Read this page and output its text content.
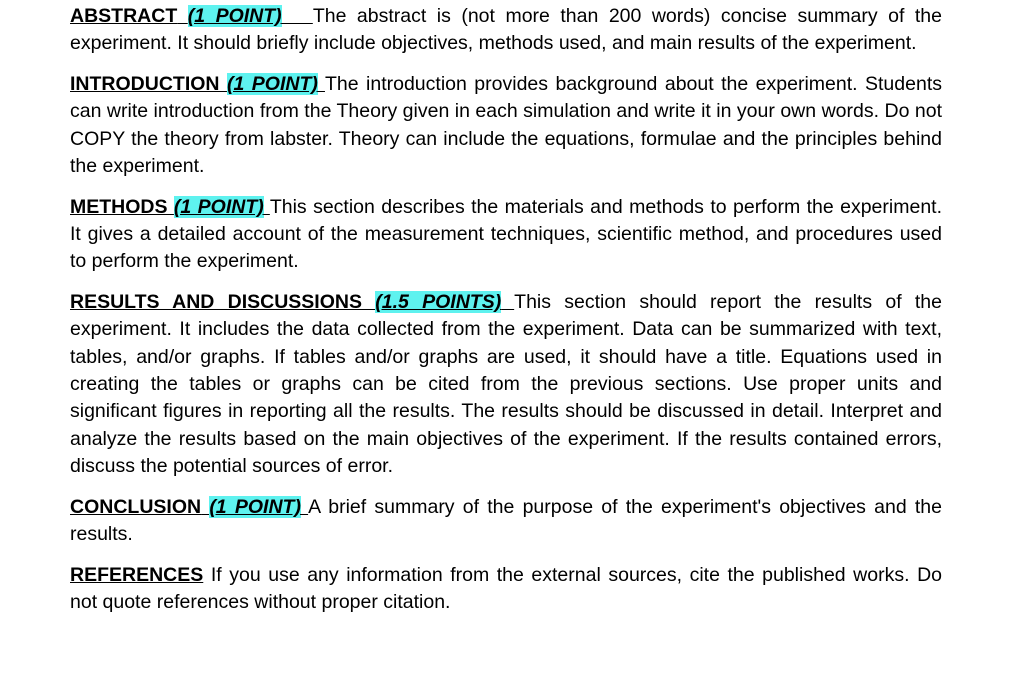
ABSTRACT (1 POINT) The abstract is (not more than 200 words) concise summary of the experiment. It should briefly include objectives, methods used, and main results of the experiment.

INTRODUCTION (1 POINT) The introduction provides background about the experiment. Students can write introduction from the Theory given in each simulation and write it in your own words. Do not COPY the theory from labster. Theory can include the equations, formulae and the principles behind the experiment.

METHODS (1 POINT) This section describes the materials and methods to perform the experiment. It gives a detailed account of the measurement techniques, scientific method, and procedures used to perform the experiment.

RESULTS AND DISCUSSIONS (1.5 POINTS) This section should report the results of the experiment. It includes the data collected from the experiment. Data can be summarized with text, tables, and/or graphs. If tables and/or graphs are used, it should have a title. Equations used in creating the tables or graphs can be cited from the previous sections. Use proper units and significant figures in reporting all the results. The results should be discussed in detail. Interpret and analyze the results based on the main objectives of the experiment. If the results contained errors, discuss the potential sources of error.

CONCLUSION (1 POINT) A brief summary of the purpose of the experiment's objectives and the results.

REFERENCES If you use any information from the external sources, cite the published works. Do not quote references without proper citation.
